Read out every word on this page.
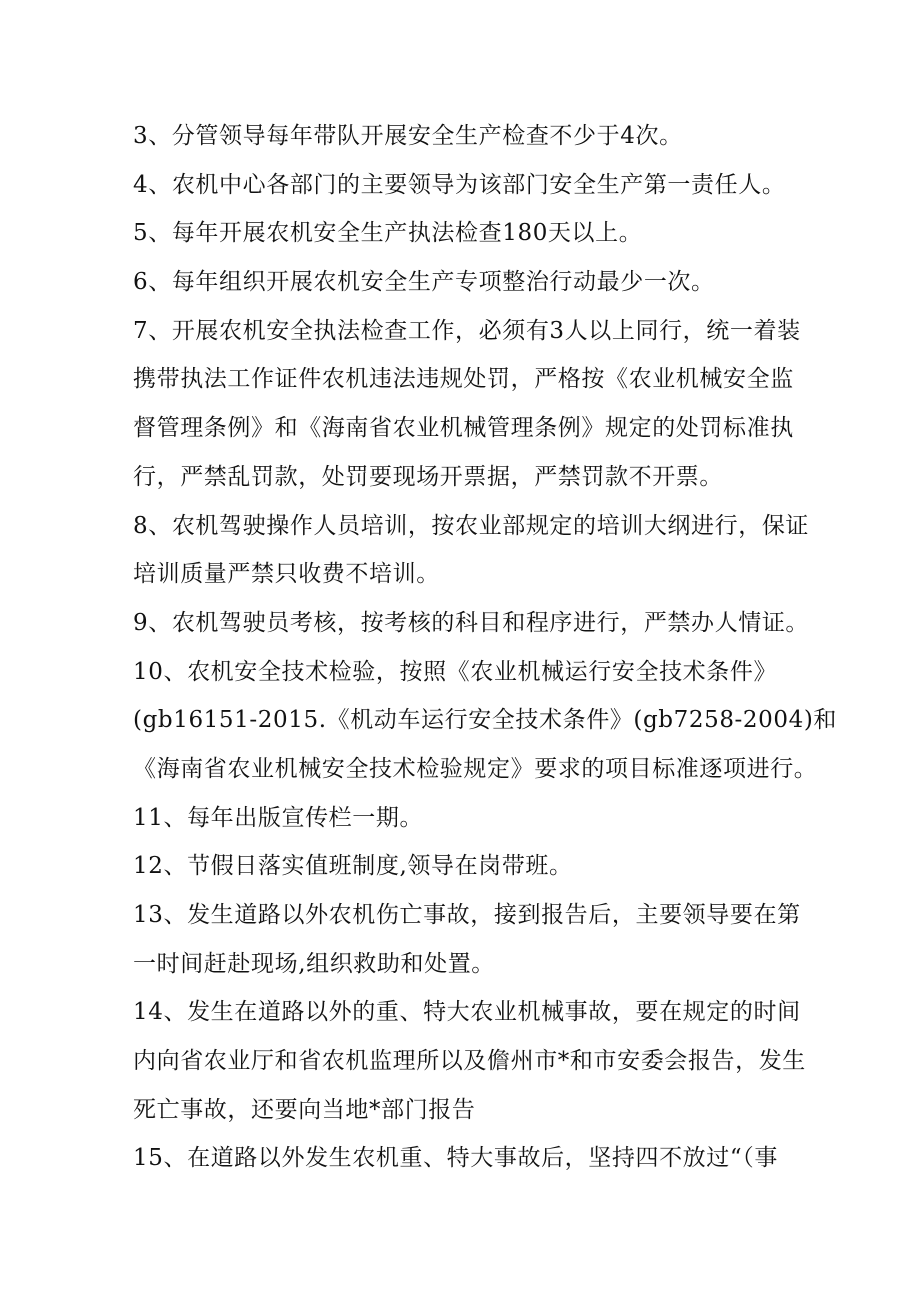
3、分管领导每年带队开展安全生产检查不少于4次。
4、农机中心各部门的主要领导为该部门安全生产第一责任人。
5、每年开展农机安全生产执法检查180天以上。
6、每年组织开展农机安全生产专项整治行动最少一次。
7、开展农机安全执法检查工作，必须有3人以上同行，统一着装
携带执法工作证件农机违法违规处罚，严格按《农业机械安全监
督管理条例》和《海南省农业机械管理条例》规定的处罚标准执
行，严禁乱罚款，处罚要现场开票据，严禁罚款不开票。
8、农机驾驶操作人员培训，按农业部规定的培训大纲进行，保证
培训质量严禁只收费不培训。
9、农机驾驶员考核，按考核的科目和程序进行，严禁办人情证。
10、农机安全技术检验，按照《农业机械运行安全技术条件》
(gb16151-2015.《机动车运行安全技术条件》(gb7258-2004)和
《海南省农业机械安全技术检验规定》要求的项目标准逐项进行。
11、每年出版宣传栏一期。
12、节假日落实值班制度,领导在岗带班。
13、发生道路以外农机伤亡事故，接到报告后，主要领导要在第
一时间赶赴现场,组织救助和处置。
14、发生在道路以外的重、特大农业机械事故，要在规定的时间
内向省农业厅和省农机监理所以及儋州市*和市安委会报告，发生
死亡事故，还要向当地*部门报告
15、在道路以外发生农机重、特大事故后，坚持四不放过“（事
